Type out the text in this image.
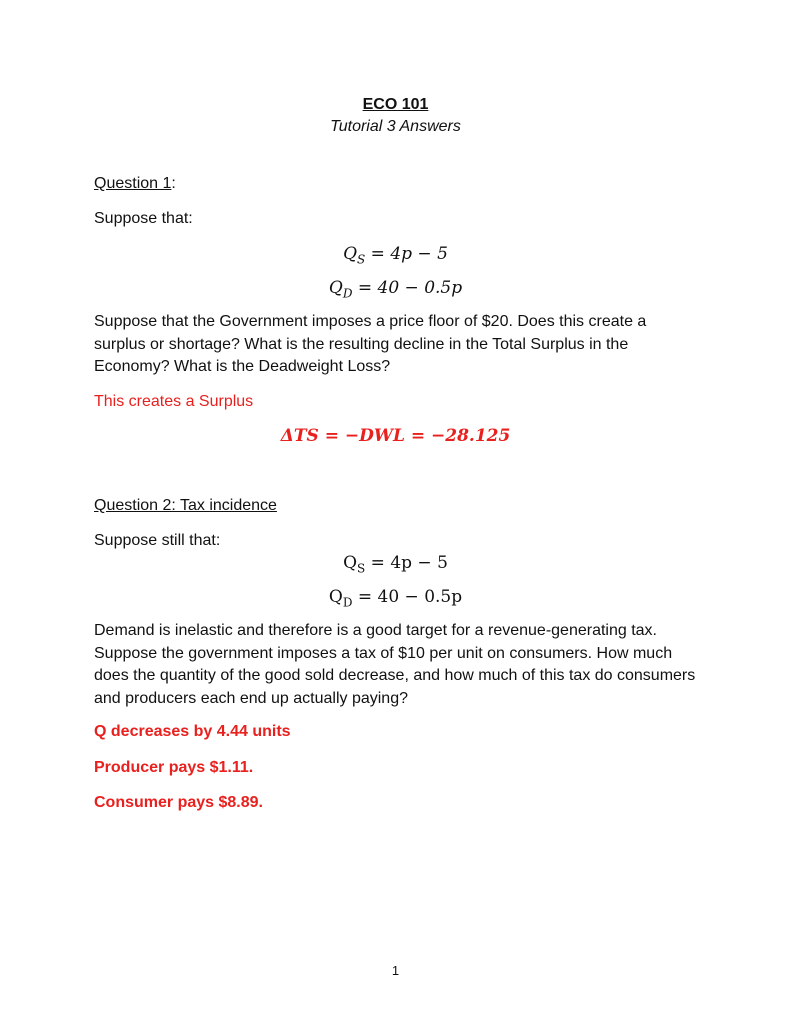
ECO 101
Tutorial 3 Answers
Question 1:
Suppose that:
$Q_S = 4p - 5$
$Q_D = 40 - 0.5p$
Suppose that the Government imposes a price floor of $20. Does this create a surplus or shortage? What is the resulting decline in the Total Surplus in the Economy? What is the Deadweight Loss?
This creates a Surplus
ΔTS = −DWL = −28.125
Question 2: Tax incidence
Suppose still that:
$Q_S = 4p - 5$
$Q_D = 40 - 0.5p$
Demand is inelastic and therefore is a good target for a revenue-generating tax. Suppose the government imposes a tax of $10 per unit on consumers. How much does the quantity of the good sold decrease, and how much of this tax do consumers and producers each end up actually paying?
Q decreases by 4.44 units
Producer pays $1.11.
Consumer pays $8.89.
1
